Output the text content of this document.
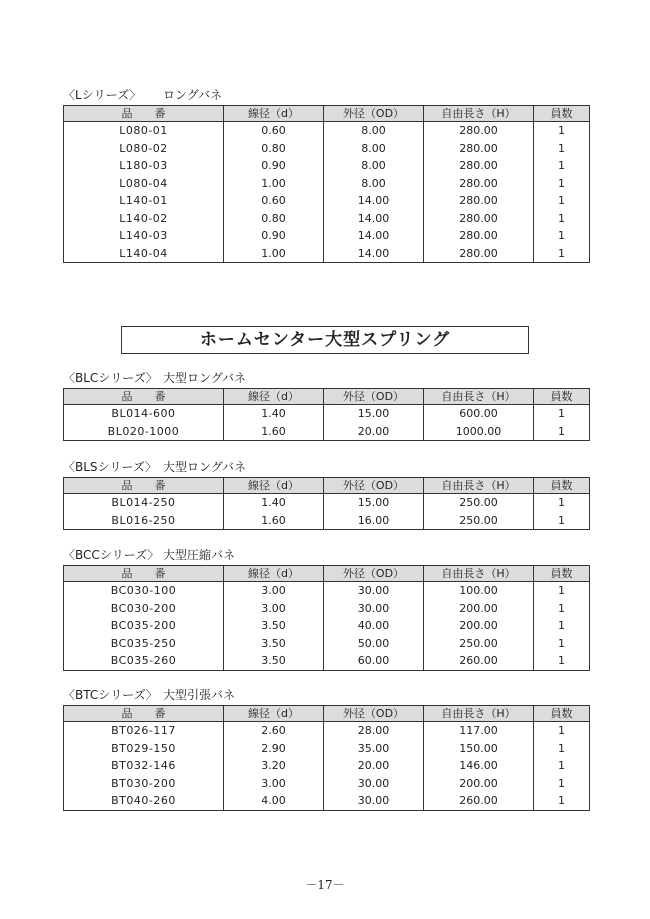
〈Lシリーズ〉 ロングバネ
品番	線径（d）	外径（OD）	自由長さ（H）	員数
L080-01	0.60	8.00	280.00	1
L080-02	0.80	8.00	280.00	1
L180-03	0.90	8.00	280.00	1
L080-04	1.00	8.00	280.00	1
L140-01	0.60	14.00	280.00	1
L140-02	0.80	14.00	280.00	1
L140-03	0.90	14.00	280.00	1
L140-04	1.00	14.00	280.00	1
〈BLCシリーズ〉 大型ロングバネ
品番	線径（d）	外径（OD）	自由長さ（H）	員数
BL014-600	1.40	15.00	600.00	1
BL020-1000	1.60	20.00	1000.00	1
〈BLSシリーズ〉 大型ロングバネ
品番	線径（d）	外径（OD）	自由長さ（H）	員数
BL014-250	1.40	15.00	250.00	1
BL016-250	1.60	16.00	250.00	1
〈BCCシリーズ〉 大型圧縮バネ
品番	線径（d）	外径（OD）	自由長さ（H）	員数
BC030-100	3.00	30.00	100.00	1
BC030-200	3.00	30.00	200.00	1
BC035-200	3.50	40.00	200.00	1
BC035-250	3.50	50.00	250.00	1
BC035-260	3.50	60.00	260.00	1
〈BTCシリーズ〉 大型引張バネ
品番	線径（d）	外径（OD）	自由長さ（H）	員数
BT026-117	2.60	28.00	117.00	1
BT029-150	2.90	35.00	150.00	1
BT032-146	3.20	20.00	146.00	1
BT030-200	3.00	30.00	200.00	1
BT040-260	4.00	30.00	260.00	1
ホームセンター大型スプリング
－17－
